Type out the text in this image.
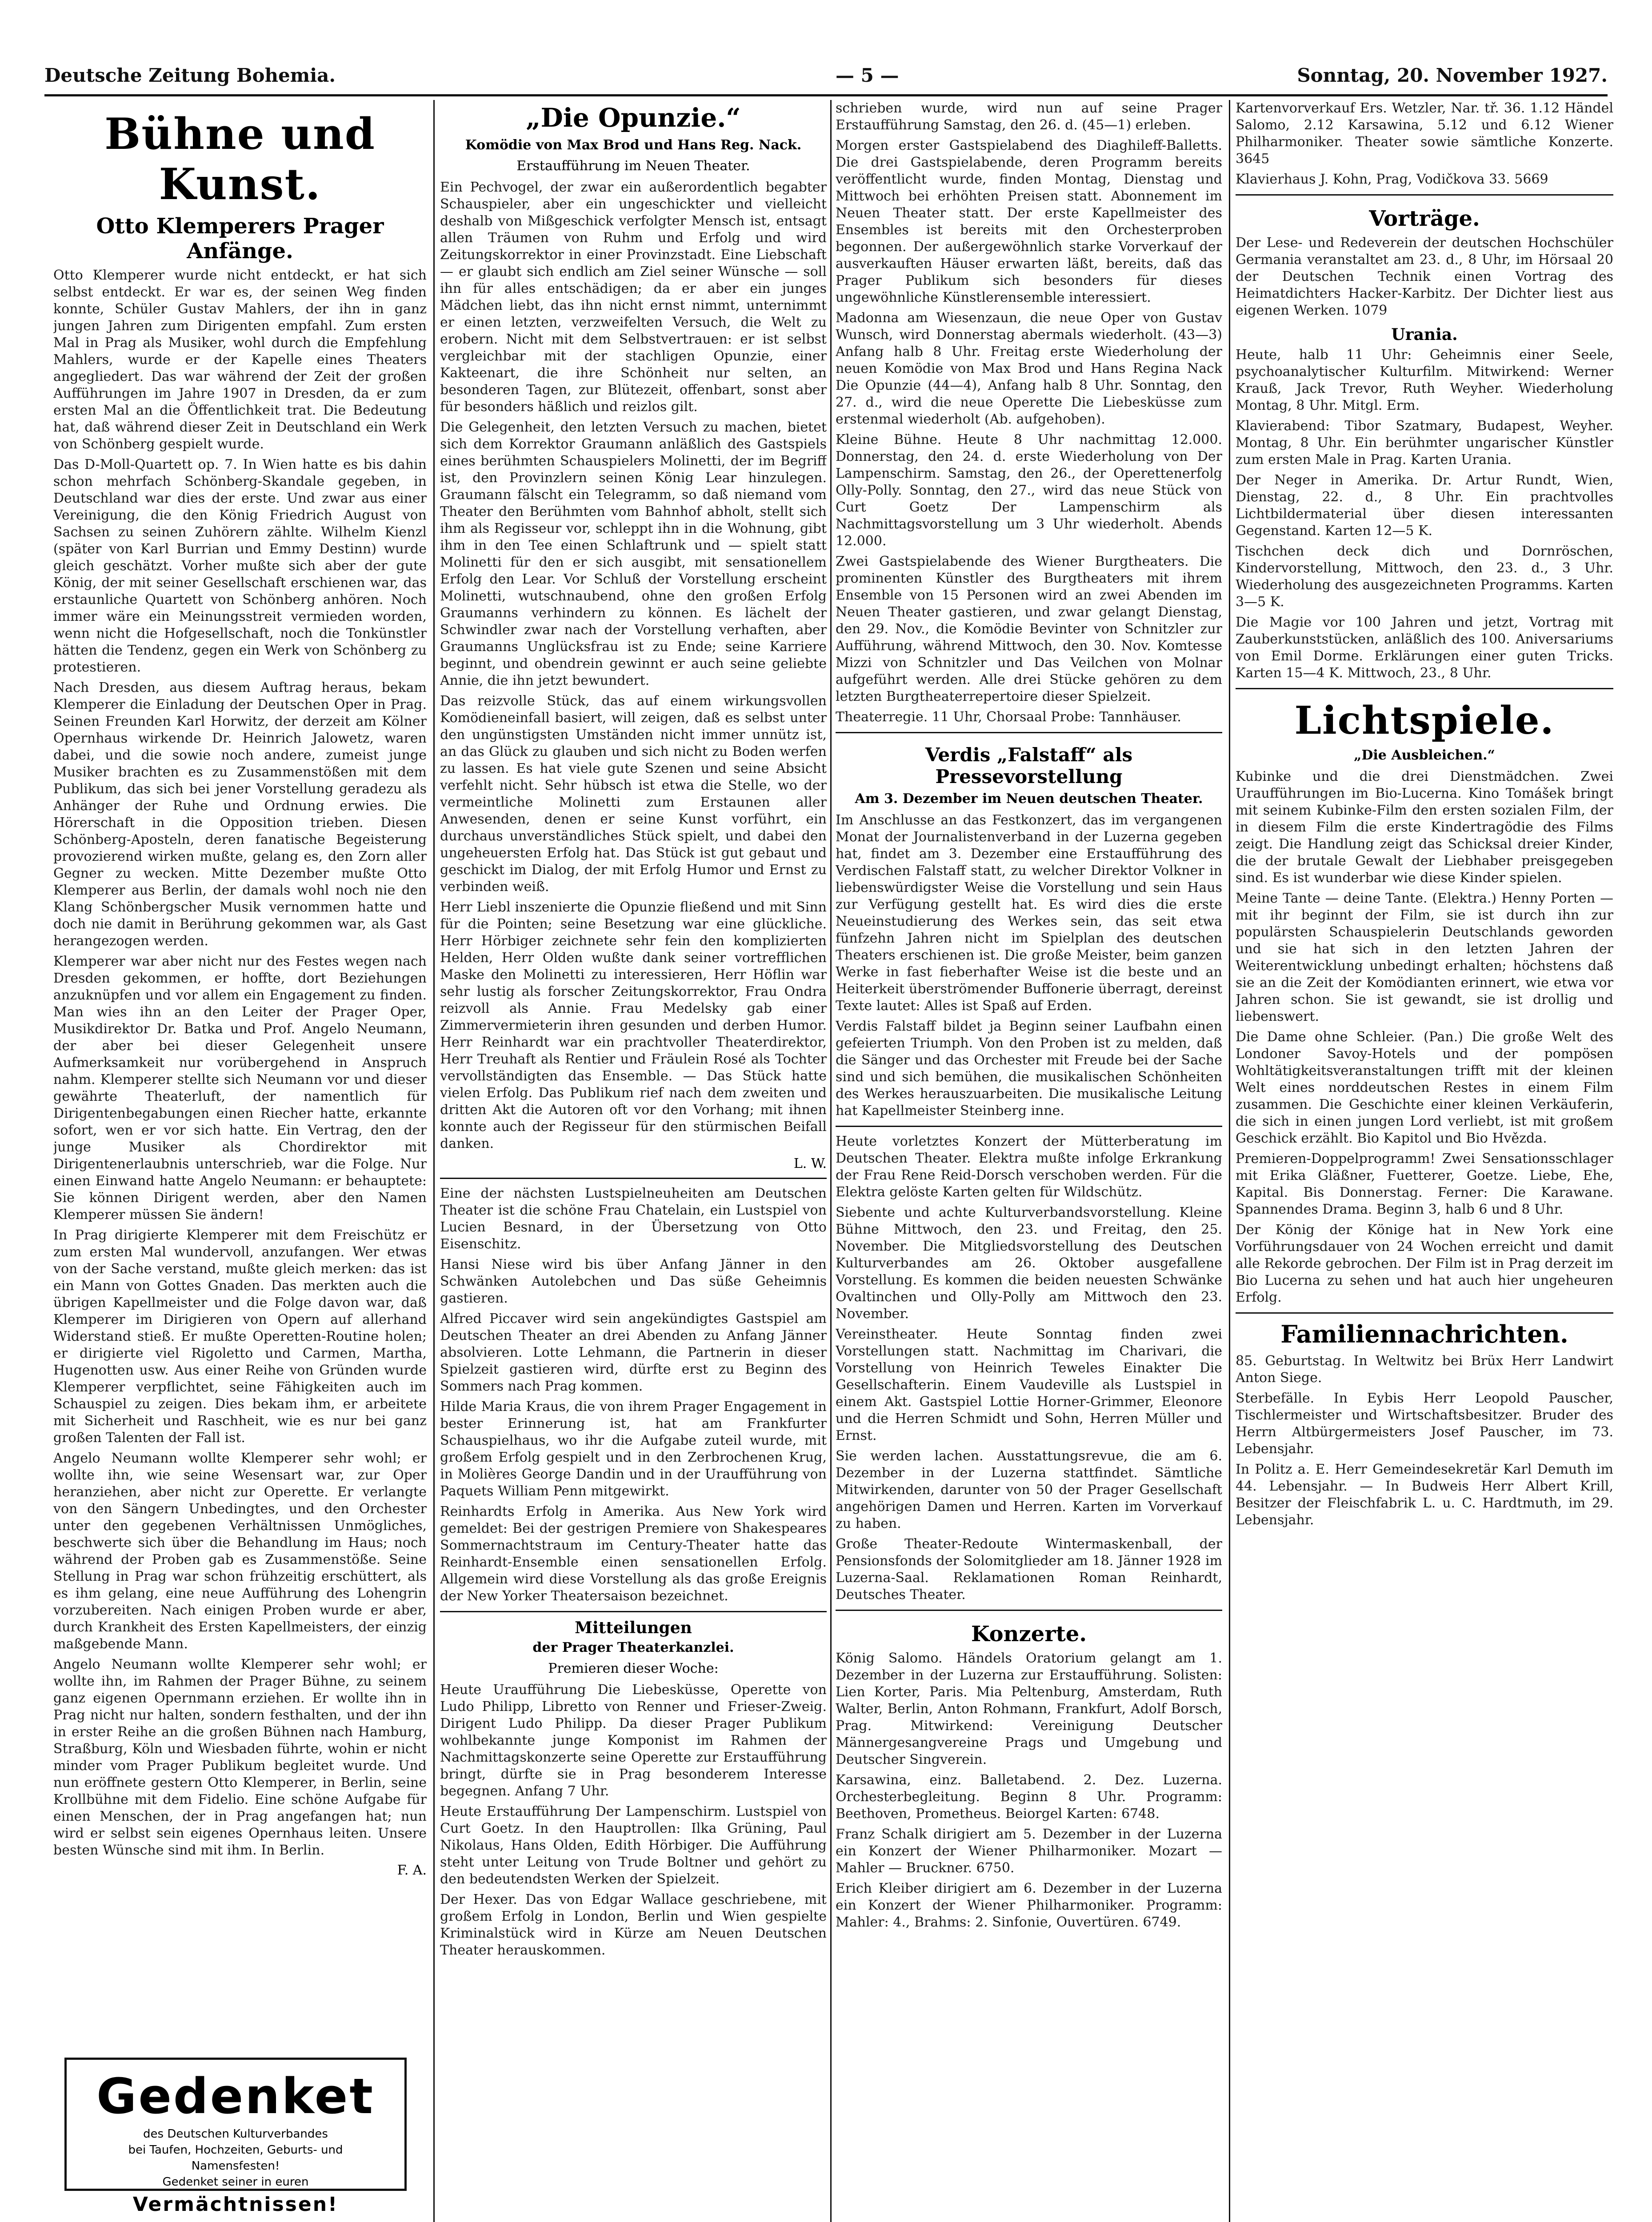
Deutsche Zeitung Bohemia.	— 5 —	Sonntag, 20. November 1927.
Bühne und Kunst.
Otto Klemperers Prager Anfänge.

Otto Klemperer wurde nicht entdeckt, er hat sich selbst entdeckt. Er war es, der seinen Weg finden konnte, Schüler Gustav Mahlers, der ihn in ganz jungen Jahren zum Dirigenten empfahl. Zum ersten Mal in Prag als Musiker, wohl durch die Empfehlung Mahlers, wurde er der Kapelle eines Theaters angegliedert. Das war während der Zeit der großen Aufführungen im Jahre 1907 in Dresden, da er zum ersten Mal an die Öffentlichkeit trat. Die Bedeutung hat, daß während dieser Zeit in Deutschland ein Werk von Schönberg gespielt wurde.

Das D-Moll-Quartett op. 7. In Wien hatte es bis dahin schon mehrfach Schönberg-Skandale gegeben, in Deutschland war dies der erste. Und zwar aus einer Vereinigung, die den König Friedrich August von Sachsen zu seinen Zuhörern zählte. Wilhelm Kienzl (später von Karl Burrian und Emmy Destinn) wurde gleich geschätzt. Vorher mußte sich aber der gute König, der mit seiner Gesellschaft erschienen war, das erstaunliche Quartett von Schönberg anhören. Noch immer wäre ein Meinungsstreit vermieden worden, wenn nicht die Hofgesellschaft, noch die Tonkünstler hätten die Tendenz, gegen ein Werk von Schönberg zu protestieren.

Nach Dresden, aus diesem Auftrag heraus, bekam Klemperer die Einladung der Deutschen Oper in Prag. Seinen Freunden Karl Horwitz, der derzeit am Kölner Opernhaus wirkende Dr. Heinrich Jalowetz, waren dabei, und die sowie noch andere, zumeist junge Musiker brachten es zu Zusammenstößen mit dem Publikum, das sich bei jener Vorstellung geradezu als Anhänger der Ruhe und Ordnung erwies. Die Hörerschaft in die Opposition trieben. Diesen Schönberg-Aposteln, deren fanatische Begeisterung provozierend wirken mußte, gelang es, den Zorn aller Gegner zu wecken. Mitte Dezember mußte Otto Klemperer aus Berlin, der damals wohl noch nie den Klang Schönbergscher Musik vernommen hatte und doch nie damit in Berührung gekommen war, als Gast herangezogen werden.

Klemperer war aber nicht nur des Festes wegen nach Dresden gekommen, er hoffte, dort Beziehungen anzuknüpfen und vor allem ein Engagement zu finden. Man wies ihn an den Leiter der Prager Oper, Musikdirektor Dr. Batka und Prof. Angelo Neumann, der aber bei dieser Gelegenheit unsere Aufmerksamkeit nur vorübergehend in Anspruch nahm. Klemperer stellte sich Neumann vor und dieser gewährte Theaterluft, der namentlich für Dirigentenbegabungen einen Riecher hatte, erkannte sofort, wen er vor sich hatte. Ein Vertrag, den der junge Musiker als Chordirektor mit Dirigentenerlaubnis unterschrieb, war die Folge. Nur einen Einwand hatte Angelo Neumann: er behauptete: Sie können Dirigent werden, aber den Namen Klemperer müssen Sie ändern!

In Prag dirigierte Klemperer mit dem Freischütz er zum ersten Mal wundervoll, anzufangen. Wer etwas von der Sache verstand, mußte gleich merken: das ist ein Mann von Gottes Gnaden. Das merkten auch die übrigen Kapellmeister und die Folge davon war, daß Klemperer im Dirigieren von Opern auf allerhand Widerstand stieß. Er mußte Operetten-Routine holen; er dirigierte viel Rigoletto und Carmen, Martha, Hugenotten usw. Aus einer Reihe von Gründen wurde Klemperer verpflichtet, seine Fähigkeiten auch im Schauspiel zu zeigen. Dies bekam ihm, er arbeitete mit Sicherheit und Raschheit, wie es nur bei ganz großen Talenten der Fall ist.

Angelo Neumann wollte Klemperer sehr wohl; er wollte ihn, wie seine Wesensart war, zur Oper heranziehen, aber nicht zur Operette. Er verlangte von den Sängern Unbedingtes, und den Orchester unter den gegebenen Verhältnissen Unmögliches, beschwerte sich über die Behandlung im Haus; noch während der Proben gab es Zusammenstöße. Seine Stellung in Prag war schon frühzeitig erschüttert, als es ihm gelang, eine neue Aufführung des Lohengrin vorzubereiten. Nach einigen Proben wurde er aber, durch Krankheit des Ersten Kapellmeisters, der einzig maßgebende Mann.

Angelo Neumann wollte Klemperer sehr wohl; er wollte ihn, im Rahmen der Prager Bühne, zu seinem ganz eigenen Opernmann erziehen. Er wollte ihn in Prag nicht nur halten, sondern festhalten, und der ihn in erster Reihe an die großen Bühnen nach Hamburg, Straßburg, Köln und Wiesbaden führte, wohin er nicht minder vom Prager Publikum begleitet wurde. Und nun eröffnete gestern Otto Klemperer, in Berlin, seine Krollbühne mit dem Fidelio. Eine schöne Aufgabe für einen Menschen, der in Prag angefangen hat; nun wird er selbst sein eigenes Opernhaus leiten. Unsere besten Wünsche sind mit ihm. In Berlin.

F. A.
Gedenket
des Deutschen Kulturverbandes
bei Taufen, Hochzeiten, Geburts- und
Namensfesten!
Gedenket seiner in euren
Vermächtnissen!
„Die Opunzie.“
Komödie von Max Brod und Hans Reg. Nack.
Erstaufführung im Neuen Theater.

Ein Pechvogel, der zwar ein außerordentlich begabter Schauspieler, aber ein ungeschickter und vielleicht deshalb von Mißgeschick verfolgter Mensch ist, entsagt allen Träumen von Ruhm und Erfolg und wird Zeitungskorrektor in einer Provinzstadt. Eine Liebschaft — er glaubt sich endlich am Ziel seiner Wünsche — soll ihn für alles entschädigen; da er aber ein junges Mädchen liebt, das ihn nicht ernst nimmt, unternimmt er einen letzten, verzweifelten Versuch, die Welt zu erobern. Nicht mit dem Selbstvertrauen: er ist selbst vergleichbar mit der stachligen Opunzie, einer Kakteenart, die ihre Schönheit nur selten, an besonderen Tagen, zur Blütezeit, offenbart, sonst aber für besonders häßlich und reizlos gilt.

Die Gelegenheit, den letzten Versuch zu machen, bietet sich dem Korrektor Graumann anläßlich des Gastspiels eines berühmten Schauspielers Molinetti, der im Begriff ist, den Provinzlern seinen König Lear hinzulegen. Graumann fälscht ein Telegramm, so daß niemand vom Theater den Berühmten vom Bahnhof abholt, stellt sich ihm als Regisseur vor, schleppt ihn in die Wohnung, gibt ihm in den Tee einen Schlaftrunk und — spielt statt Molinetti für den er sich ausgibt, mit sensationellem Erfolg den Lear. Vor Schluß der Vorstellung erscheint Molinetti, wutschnaubend, ohne den großen Erfolg Graumanns verhindern zu können. Es lächelt der Schwindler zwar nach der Vorstellung verhaften, aber Graumanns Unglücksfrau ist zu Ende; seine Karriere beginnt, und obendrein gewinnt er auch seine geliebte Annie, die ihn jetzt bewundert.

Das reizvolle Stück, das auf einem wirkungsvollen Komödieneinfall basiert, will zeigen, daß es selbst unter den ungünstigsten Umständen nicht immer unnütz ist, an das Glück zu glauben und sich nicht zu Boden werfen zu lassen. Es hat viele gute Szenen und seine Absicht verfehlt nicht. Sehr hübsch ist etwa die Stelle, wo der vermeintliche Molinetti zum Erstaunen aller Anwesenden, denen er seine Kunst vorführt, ein durchaus unverständliches Stück spielt, und dabei den ungeheuersten Erfolg hat. Das Stück ist gut gebaut und geschickt im Dialog, der mit Erfolg Humor und Ernst zu verbinden weiß.

Herr Liebl inszenierte die Opunzie fließend und mit Sinn für die Pointen; seine Besetzung war eine glückliche. Herr Hörbiger zeichnete sehr fein den komplizierten Helden, Herr Olden wußte dank seiner vortrefflichen Maske den Molinetti zu interessieren, Herr Höflin war sehr lustig als forscher Zeitungskorrektor, Frau Ondra reizvoll als Annie. Frau Medelsky gab einer Zimmervermieterin ihren gesunden und derben Humor. Herr Reinhardt war ein prachtvoller Theaterdirektor, Herr Treuhaft als Rentier und Fräulein Rosé als Tochter vervollständigten das Ensemble. — Das Stück hatte vielen Erfolg. Das Publikum rief nach dem zweiten und dritten Akt die Autoren oft vor den Vorhang; mit ihnen konnte auch der Regisseur für den stürmischen Beifall danken.

L. W.

Eine der nächsten Lustspielneuheiten am Deutschen Theater ist die schöne Frau Chatelain, ein Lustspiel von Lucien Besnard, in der Übersetzung von Otto Eisenschitz.

Hansi Niese wird bis über Anfang Jänner in den Schwänken Autolebchen und Das süße Geheimnis gastieren.

Alfred Piccaver wird sein angekündigtes Gastspiel am Deutschen Theater an drei Abenden zu Anfang Jänner absolvieren. Lotte Lehmann, die Partnerin in dieser Spielzeit gastieren wird, dürfte erst zu Beginn des Sommers nach Prag kommen.

Hilde Maria Kraus, die von ihrem Prager Engagement in bester Erinnerung ist, hat am Frankfurter Schauspielhaus, wo ihr die Aufgabe zuteil wurde, mit großem Erfolg gespielt und in den Zerbrochenen Krug, in Molières George Dandin und in der Uraufführung von Paquets William Penn mitgewirkt.

Reinhardts Erfolg in Amerika. Aus New York wird gemeldet: Bei der gestrigen Premiere von Shakespeares Sommernachtstraum im Century-Theater hatte das Reinhardt-Ensemble einen sensationellen Erfolg. Allgemein wird diese Vorstellung als das große Ereignis der New Yorker Theatersaison bezeichnet.

Mitteilungen
der Prager Theaterkanzlei.
Premieren dieser Woche:

Heute Uraufführung Die Liebesküsse, Operette von Ludo Philipp, Libretto von Renner und Frieser-Zweig. Dirigent Ludo Philipp. Da dieser Prager Publikum wohlbekannte junge Komponist im Rahmen der Nachmittagskonzerte seine Operette zur Erstaufführung bringt, dürfte sie in Prag besonderem Interesse begegnen. Anfang 7 Uhr.

Heute Erstaufführung Der Lampenschirm. Lustspiel von Curt Goetz. In den Hauptrollen: Ilka Grüning, Paul Nikolaus, Hans Olden, Edith Hörbiger. Die Aufführung steht unter Leitung von Trude Boltner und gehört zu den bedeutendsten Werken der Spielzeit.

Der Hexer. Das von Edgar Wallace geschriebene, mit großem Erfolg in London, Berlin und Wien gespielte Kriminalstück wird in Kürze am Neuen Deutschen Theater herauskommen.

schrieben wurde, wird nun auf seine Prager Erstaufführung Samstag, den 26. d. (45—1) erleben.

Morgen erster Gastspielabend des Diaghileff-Balletts. Die drei Gastspielabende, deren Programm bereits veröffentlicht wurde, finden Montag, Dienstag und Mittwoch bei erhöhten Preisen statt. Abonnement im Neuen Theater statt. Der erste Kapellmeister des Ensembles ist bereits mit den Orchesterproben begonnen. Der außergewöhnlich starke Vorverkauf der ausverkauften Häuser erwarten läßt, bereits, daß das Prager Publikum sich besonders für dieses ungewöhnliche Künstlerensemble interessiert.

Madonna am Wiesenzaun, die neue Oper von Gustav Wunsch, wird Donnerstag abermals wiederholt. (43—3) Anfang halb 8 Uhr. Freitag erste Wiederholung der neuen Komödie von Max Brod und Hans Regina Nack Die Opunzie (44—4), Anfang halb 8 Uhr. Sonntag, den 27. d., wird die neue Operette Die Liebesküsse zum erstenmal wiederholt (Ab. aufgehoben).

Kleine Bühne. Heute 8 Uhr nachmittag 12.000. Donnerstag, den 24. d. erste Wiederholung von Der Lampenschirm. Samstag, den 26., der Operettenerfolg Olly-Polly. Sonntag, den 27., wird das neue Stück von Curt Goetz Der Lampenschirm als Nachmittagsvorstellung um 3 Uhr wiederholt. Abends 12.000.

Zwei Gastspielabende des Wiener Burgtheaters. Die prominenten Künstler des Burgtheaters mit ihrem Ensemble von 15 Personen wird an zwei Abenden im Neuen Theater gastieren, und zwar gelangt Dienstag, den 29. Nov., die Komödie Bevinter von Schnitzler zur Aufführung, während Mittwoch, den 30. Nov. Komtesse Mizzi von Schnitzler und Das Veilchen von Molnar aufgeführt werden. Alle drei Stücke gehören zu dem letzten Burgtheaterrepertoire dieser Spielzeit.

Theaterregie. 11 Uhr, Chorsaal Probe: Tannhäuser.

Verdis „Falstaff“ als Pressevorstellung
Am 3. Dezember im Neuen deutschen Theater.

Im Anschlusse an das Festkonzert, das im vergangenen Monat der Journalistenverband in der Luzerna gegeben hat, findet am 3. Dezember eine Erstaufführung des Verdischen Falstaff statt, zu welcher Direktor Volkner in liebenswürdigster Weise die Vorstellung und sein Haus zur Verfügung gestellt hat. Es wird dies die erste Neueinstudierung des Werkes sein, das seit etwa fünfzehn Jahren nicht im Spielplan des deutschen Theaters erschienen ist. Die große Meister, beim ganzen Werke in fast fieberhafter Weise ist die beste und an Heiterkeit überströmender Buffonerie überragt, dereinst Texte lautet: Alles ist Spaß auf Erden.

Verdis Falstaff bildet ja Beginn seiner Laufbahn einen gefeierten Triumph. Von den Proben ist zu melden, daß die Sänger und das Orchester mit Freude bei der Sache sind und sich bemühen, die musikalischen Schönheiten des Werkes herauszuarbeiten. Die musikalische Leitung hat Kapellmeister Steinberg inne.

Heute vorletztes Konzert der Mütterberatung im Deutschen Theater. Elektra mußte infolge Erkrankung der Frau Rene Reid-Dorsch verschoben werden. Für die Elektra gelöste Karten gelten für Wildschütz.

Siebente und achte Kulturverbandsvorstellung. Kleine Bühne Mittwoch, den 23. und Freitag, den 25. November. Die Mitgliedsvorstellung des Deutschen Kulturverbandes am 26. Oktober ausgefallene Vorstellung. Es kommen die beiden neuesten Schwänke Ovaltinchen und Olly-Polly am Mittwoch den 23. November.

Vereinstheater. Heute Sonntag finden zwei Vorstellungen statt. Nachmittag im Charivari, die Vorstellung von Heinrich Teweles Einakter Die Gesellschafterin. Einem Vaudeville als Lustspiel in einem Akt. Gastspiel Lottie Horner-Grimmer, Eleonore und die Herren Schmidt und Sohn, Herren Müller und Ernst.

Sie werden lachen. Ausstattungsrevue, die am 6. Dezember in der Luzerna stattfindet. Sämtliche Mitwirkenden, darunter von 50 der Prager Gesellschaft angehörigen Damen und Herren. Karten im Vorverkauf zu haben.

Große Theater-Redoute Wintermaskenball, der Pensionsfonds der Solomitglieder am 18. Jänner 1928 im Luzerna-Saal. Reklamationen Roman Reinhardt, Deutsches Theater.

Konzerte.

König Salomo. Händels Oratorium gelangt am 1. Dezember in der Luzerna zur Erstaufführung. Solisten: Lien Korter, Paris. Mia Peltenburg, Amsterdam, Ruth Walter, Berlin, Anton Rohmann, Frankfurt, Adolf Borsch, Prag. Mitwirkend: Vereinigung Deutscher Männergesangvereine Prags und Umgebung und Deutscher Singverein.

Karsawina, einz. Balletabend. 2. Dez. Luzerna. Orchesterbegleitung. Beginn 8 Uhr. Programm: Beethoven, Prometheus. Beiorgel Karten: 6748.

Franz Schalk dirigiert am 5. Dezember in der Luzerna ein Konzert der Wiener Philharmoniker. Mozart — Mahler — Bruckner. 6750.

Erich Kleiber dirigiert am 6. Dezember in der Luzerna ein Konzert der Wiener Philharmoniker. Programm: Mahler: 4., Brahms: 2. Sinfonie, Ouvertüren. 6749.

Kartenvorverkauf Ers. Wetzler, Nar. tř. 36. 1.12 Händel Salomo, 2.12 Karsawina, 5.12 und 6.12 Wiener Philharmoniker. Theater sowie sämtliche Konzerte. 3645

Klavierhaus J. Kohn, Prag, Vodičkova 33. 5669

Vorträge.

Der Lese- und Redeverein der deutschen Hochschüler Germania veranstaltet am 23. d., 8 Uhr, im Hörsaal 20 der Deutschen Technik einen Vortrag des Heimatdichters Hacker-Karbitz. Der Dichter liest aus eigenen Werken. 1079

Urania.

Heute, halb 11 Uhr: Geheimnis einer Seele, psychoanalytischer Kulturfilm. Mitwirkend: Werner Krauß, Jack Trevor, Ruth Weyher. Wiederholung Montag, 8 Uhr. Mitgl. Erm.

Klavierabend: Tibor Szatmary, Budapest, Weyher. Montag, 8 Uhr. Ein berühmter ungarischer Künstler zum ersten Male in Prag. Karten Urania.

Der Neger in Amerika. Dr. Artur Rundt, Wien, Dienstag, 22. d., 8 Uhr. Ein prachtvolles Lichtbildermaterial über diesen interessanten Gegenstand. Karten 12—5 K.

Tischchen deck dich und Dornröschen, Kindervorstellung, Mittwoch, den 23. d., 3 Uhr. Wiederholung des ausgezeichneten Programms. Karten 3—5 K.

Die Magie vor 100 Jahren und jetzt, Vortrag mit Zauberkunststücken, anläßlich des 100. Aniversariums von Emil Dorme. Erklärungen einer guten Tricks. Karten 15—4 K. Mittwoch, 23., 8 Uhr.

Lichtspiele.
„Die Ausbleichen.“

Kubinke und die drei Dienstmädchen. Zwei Uraufführungen im Bio-Lucerna. Kino Tomášek bringt mit seinem Kubinke-Film den ersten sozialen Film, der in diesem Film die erste Kindertragödie des Films zeigt. Die Handlung zeigt das Schicksal dreier Kinder, die der brutale Gewalt der Liebhaber preisgegeben sind. Es ist wunderbar wie diese Kinder spielen.

Meine Tante — deine Tante. (Elektra.) Henny Porten — mit ihr beginnt der Film, sie ist durch ihn zur populärsten Schauspielerin Deutschlands geworden und sie hat sich in den letzten Jahren der Weiterentwicklung unbedingt erhalten; höchstens daß sie an die Zeit der Komödianten erinnert, wie etwa vor Jahren schon. Sie ist gewandt, sie ist drollig und liebenswert.

Die Dame ohne Schleier. (Pan.) Die große Welt des Londoner Savoy-Hotels und der pompösen Wohltätigkeitsveranstaltungen trifft mit der kleinen Welt eines norddeutschen Restes in einem Film zusammen. Die Geschichte einer kleinen Verkäuferin, die sich in einen jungen Lord verliebt, ist mit großem Geschick erzählt. Bio Kapitol und Bio Hvězda.

Premieren-Doppelprogramm! Zwei Sensationsschlager mit Erika Gläßner, Fuetterer, Goetze. Liebe, Ehe, Kapital. Bis Donnerstag. Ferner: Die Karawane. Spannendes Drama. Beginn 3, halb 6 und 8 Uhr.

Der König der Könige hat in New York eine Vorführungsdauer von 24 Wochen erreicht und damit alle Rekorde gebrochen. Der Film ist in Prag derzeit im Bio Lucerna zu sehen und hat auch hier ungeheuren Erfolg.

Familiennachrichten.

85. Geburtstag. In Weltwitz bei Brüx Herr Landwirt Anton Siege.

Sterbefälle. In Eybis Herr Leopold Pauscher, Tischlermeister und Wirtschaftsbesitzer. Bruder des Herrn Altbürgermeisters Josef Pauscher, im 73. Lebensjahr.

In Politz a. E. Herr Gemeindesekretär Karl Demuth im 44. Lebensjahr. — In Budweis Herr Albert Krill, Besitzer der Fleischfabrik L. u. C. Hardtmuth, im 29. Lebensjahr.
